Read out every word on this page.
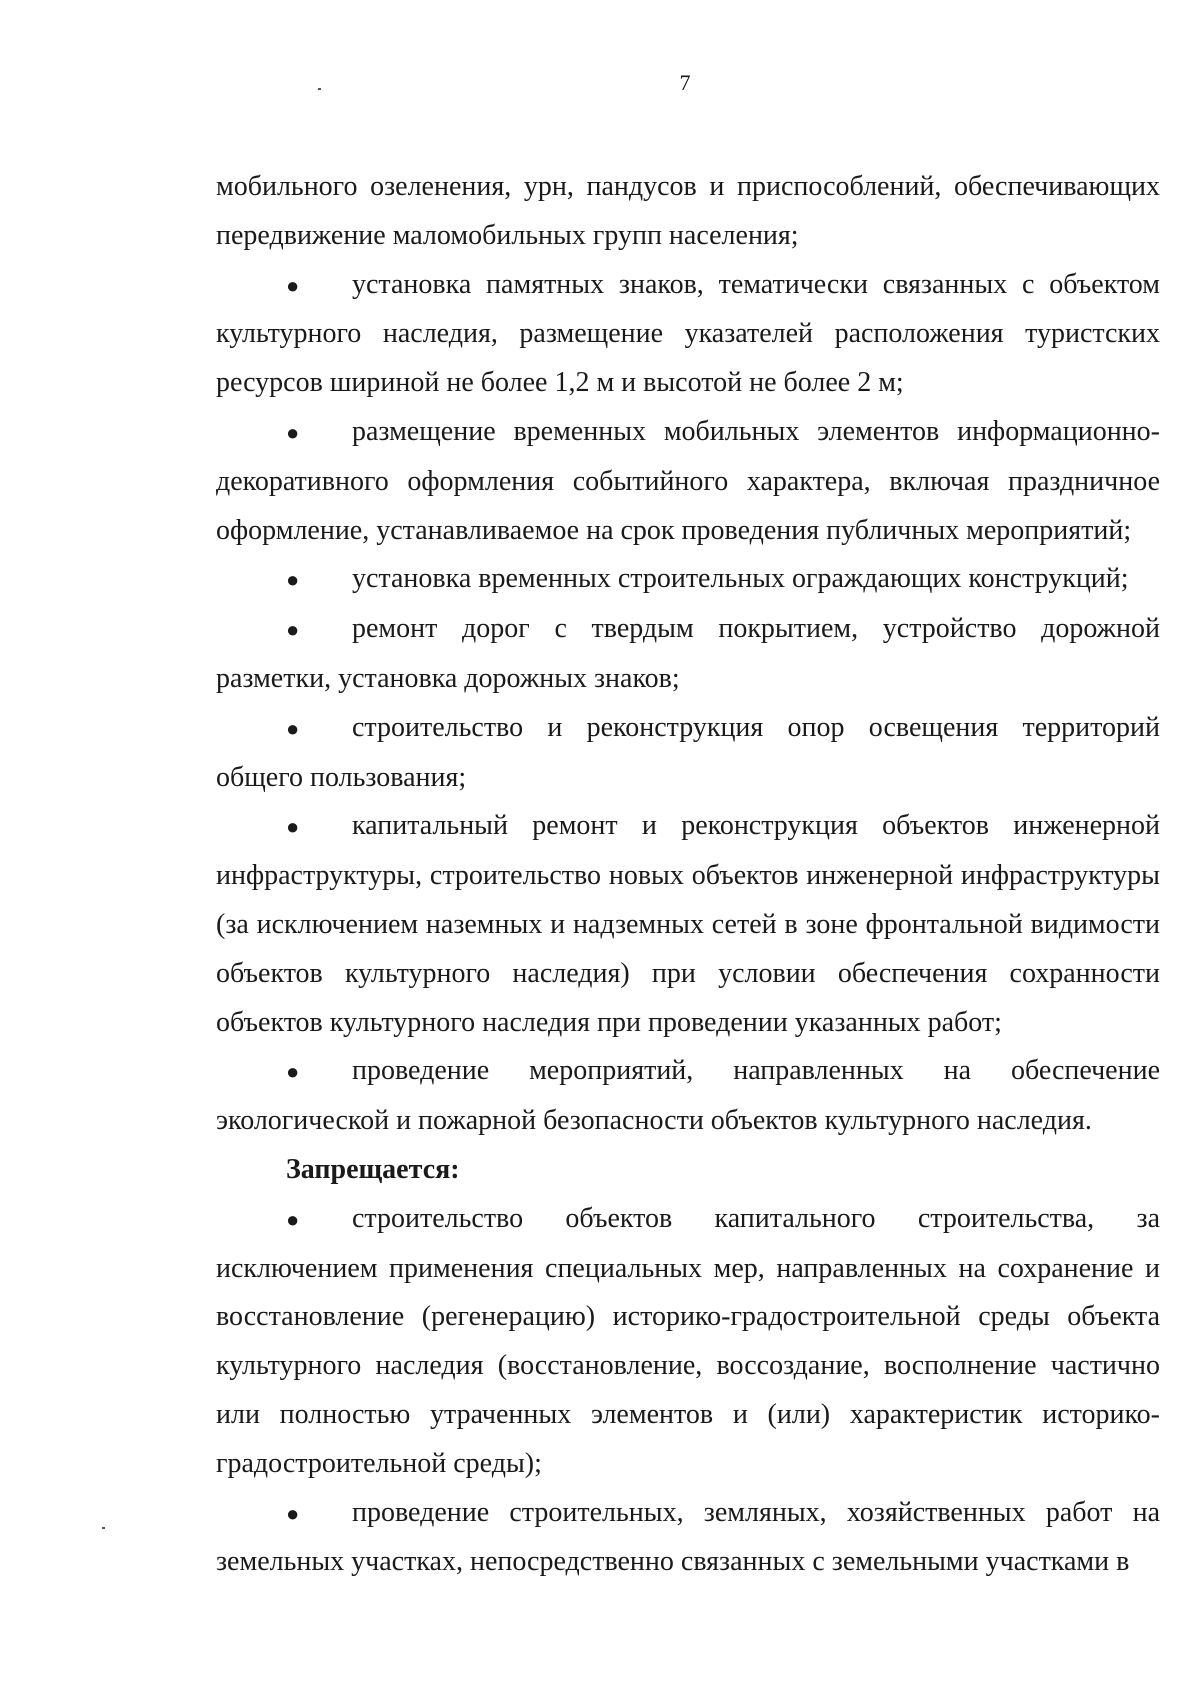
7

мобильного озеленения, урн, пандусов и приспособлений, обеспечивающих передвижение маломобильных групп населения;

● установка памятных знаков, тематически связанных с объектом культурного наследия, размещение указателей расположения туристских ресурсов шириной не более 1,2 м и высотой не более 2 м;

● размещение временных мобильных элементов информационно-декоративного оформления событийного характера, включая праздничное оформление, устанавливаемое на срок проведения публичных мероприятий;

● установка временных строительных ограждающих конструкций;

● ремонт дорог с твердым покрытием, устройство дорожной разметки, установка дорожных знаков;

● строительство и реконструкция опор освещения территорий общего пользования;

● капитальный ремонт и реконструкция объектов инженерной инфраструктуры, строительство новых объектов инженерной инфраструктуры (за исключением наземных и надземных сетей в зоне фронтальной видимости объектов культурного наследия) при условии обеспечения сохранности объектов культурного наследия при проведении указанных работ;

● проведение мероприятий, направленных на обеспечение экологической и пожарной безопасности объектов культурного наследия.

Запрещается:

● строительство объектов капитального строительства, за исключением применения специальных мер, направленных на сохранение и восстановление (регенерацию) историко-градостроительной среды объекта культурного наследия (восстановление, воссоздание, восполнение частично или полностью утраченных элементов и (или) характеристик историко-градостроительной среды);

● проведение строительных, земляных, хозяйственных работ на земельных участках, непосредственно связанных с земельными участками в
